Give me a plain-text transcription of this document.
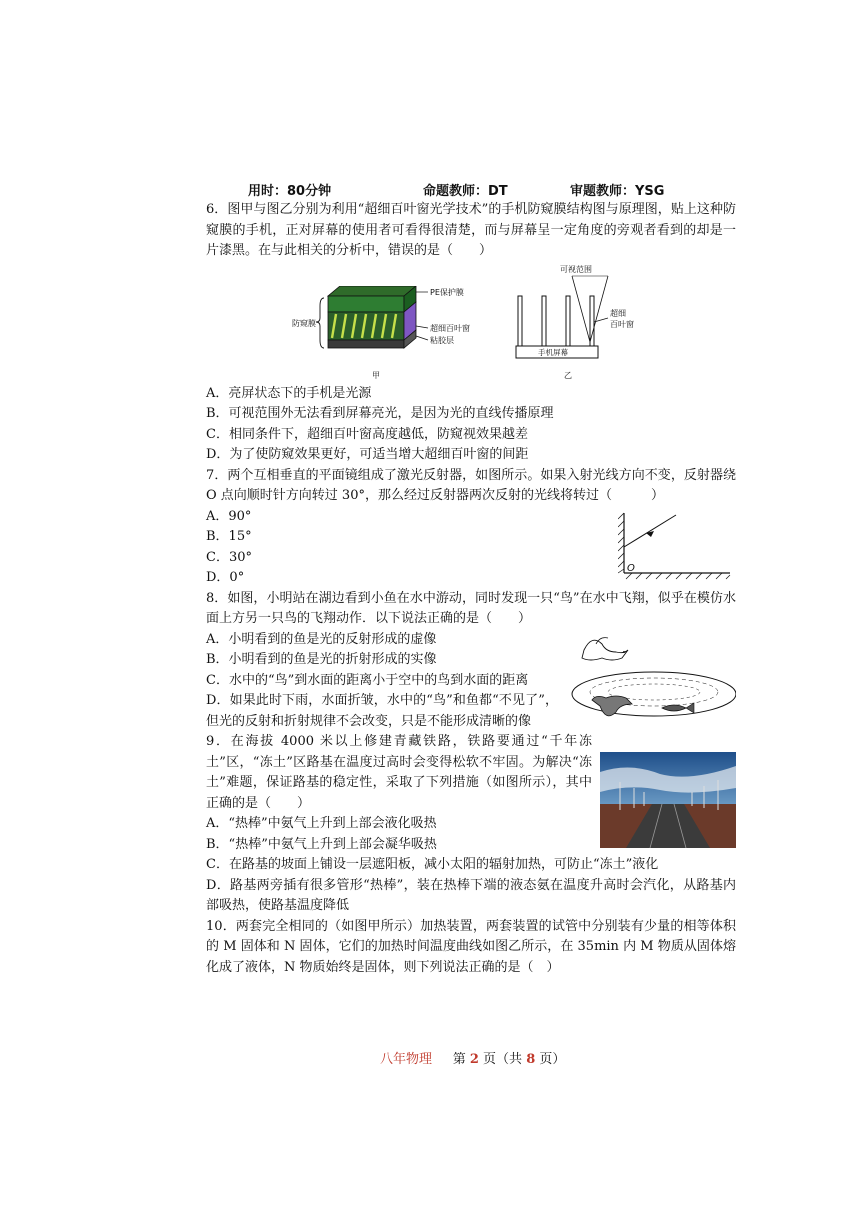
用时：80分钟	命题教师：DT	审题教师：YSG

6．图甲与图乙分别为利用“超细百叶窗光学技术”的手机防窥膜结构图与原理图，贴上这种防窥膜的手机，正对屏幕的使用者可看得很清楚，而与屏幕呈一定角度的旁观者看到的却是一片漆黑。在与此相关的分析中，错误的是（　　）

防窥膜
PE保护膜
超细百叶窗
粘胶层
甲
可视范围
手机屏幕
超细
百叶窗
乙

A．亮屏状态下的手机是光源

B．可视范围外无法看到屏幕亮光，是因为光的直线传播原理

C．相同条件下，超细百叶窗高度越低，防窥视效果越差

D．为了使防窥效果更好，可适当增大超细百叶窗的间距

7．两个互相垂直的平面镜组成了激光反射器，如图所示。如果入射光线方向不变，反射器绕 O 点向顺时针方向转过 30°，那么经过反射器两次反射的光线将转过（　　　）

O

A．90°

B．15°

C．30°

D．0°

8．如图，小明站在湖边看到小鱼在水中游动，同时发现一只“鸟”在水中飞翔，似乎在模仿水面上方另一只鸟的飞翔动作．以下说法正确的是（　　）

A．小明看到的鱼是光的反射形成的虚像

B．小明看到的鱼是光的折射形成的实像

C．水中的“鸟”到水面的距离小于空中的鸟到水面的距离

D．如果此时下雨，水面折皱，水中的“鸟”和鱼都“不见了”，但光的反射和折射规律不会改变，只是不能形成清晰的像

9．在海拔 4000 米以上修建青藏铁路，铁路要通过“千年冻土”区，“冻土”区路基在温度过高时会变得松软不牢固。为解决“冻土”难题，保证路基的稳定性，采取了下列措施（如图所示），其中正确的是（　　）

A．“热棒”中氨气上升到上部会液化吸热

B．“热棒”中氨气上升到上部会凝华吸热

C．在路基的坡面上铺设一层遮阳板，减小太阳的辐射加热，可防止“冻土”液化

D．路基两旁插有很多管形“热棒”，装在热棒下端的液态氨在温度升高时会汽化，从路基内部吸热，使路基温度降低

10．两套完全相同的（如图甲所示）加热装置，两套装置的试管中分别装有少量的相等体积的 M 固体和 N 固体，它们的加热时间温度曲线如图乙所示，在 35min 内 M 物质从固体熔化成了液体，N 物质始终是固体，则下列说法正确的是（　）

八年物理 第 2 页（共 8 页）
